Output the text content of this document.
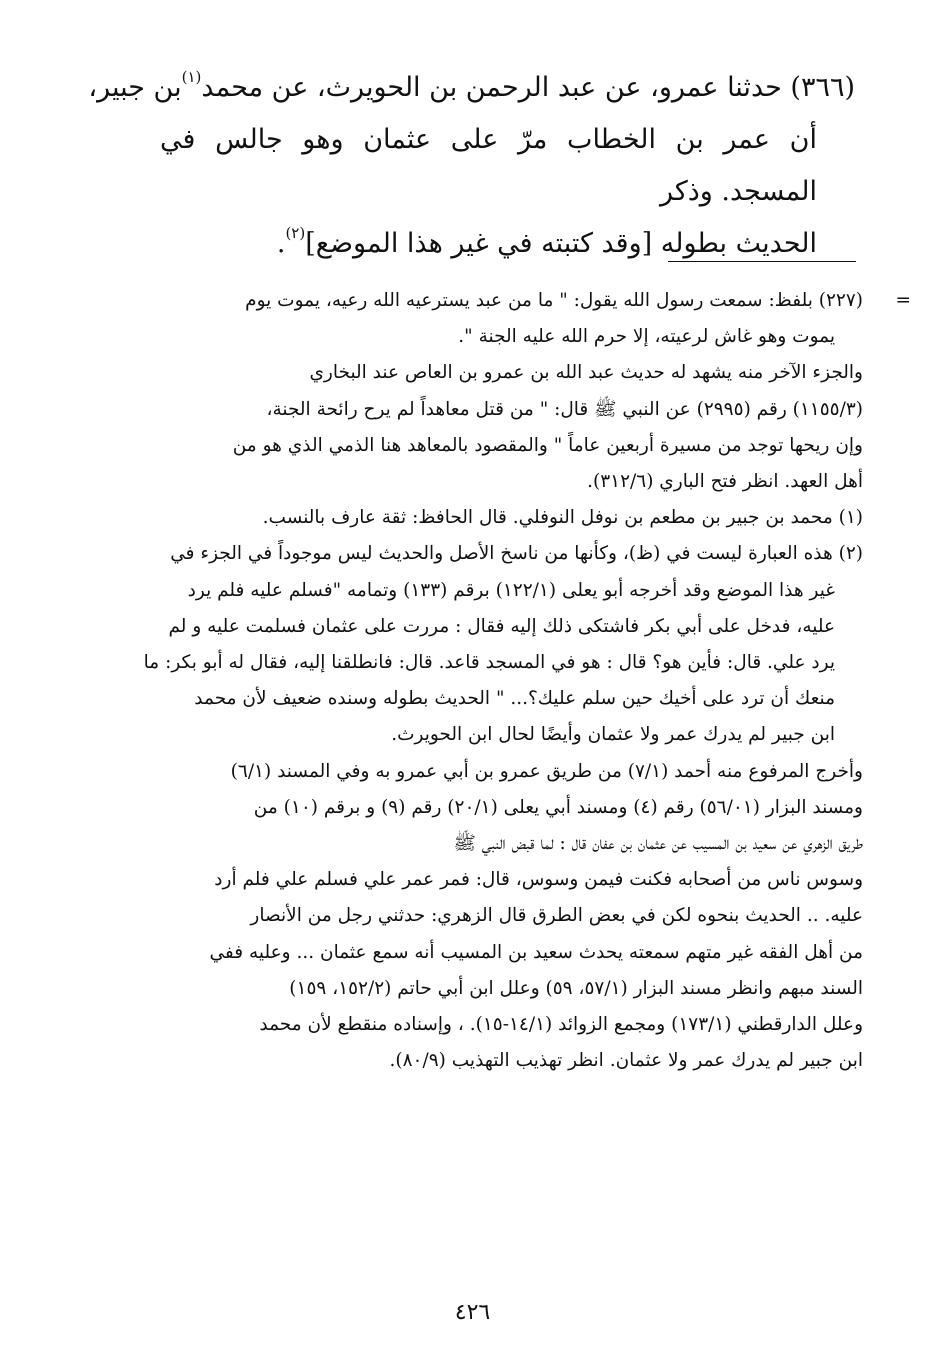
(٣٦٦) حدثنا عمرو، عن عبد الرحمن بن الحويرث، عن محمد$^{(١)}$بن جبير،

أن عمر بن الخطاب مرّ على عثمان وهو جالس في المسجد. وذكر

الحديث بطوله [وقد كتبته في غير هذا الموضع]$^{(٢)}$.

=
(٢٢٧) بلفظ: سمعت رسول الله يقول: " ما من عبد يسترعيه الله رعيه، يموت يوم
يموت وهو غاش لرعيته، إلا حرم الله عليه الجنة ".
والجزء الآخر منه يشهد له حديث عبد الله بن عمرو بن العاص عند البخاري
(١١٥٥/٣) رقم (٢٩٩٥) عن النبي ﷺ قال: " من قتل معاهداً لم يرح رائحة الجنة،
وإن ريحها توجد من مسيرة أربعين عاماً " والمقصود بالمعاهد هنا الذمي الذي هو من
أهل العهد. انظر فتح الباري (٣١٢/٦).
(١) محمد بن جبير بن مطعم بن نوفل النوفلي. قال الحافظ: ثقة عارف بالنسب.
(٢) هذه العبارة ليست في (ظ)، وكأنها من ناسخ الأصل والحديث ليس موجوداً في الجزء في
غير هذا الموضع وقد أخرجه أبو يعلى (١٢٢/١) برقم (١٣٣) وتمامه "فسلم عليه فلم يرد
عليه، فدخل على أبي بكر فاشتكى ذلك إليه فقال : مررت على عثمان فسلمت عليه و لم
يرد علي. قال: فأين هو؟ قال : هو في المسجد قاعد. قال: فانطلقنا إليه، فقال له أبو بكر: ما
منعك أن ترد على أخيك حين سلم عليك؟... " الحديث بطوله وسنده ضعيف لأن محمد
ابن جبير لم يدرك عمر ولا عثمان وأيضًا لحال ابن الحويرث.
وأخرج المرفوع منه أحمد (٧/١) من طريق عمرو بن أبي عمرو به وفي المسند (٦/١)
ومسند البزار (٥٦/٠١) رقم (٤) ومسند أبي يعلى (٢٠/١) رقم (٩) و برقم (١٠) من
طريق الزهري عن سعيد بن المسيب عن عثمان بن عفان قال : لما قبض النبي ﷺ
وسوس ناس من أصحابه فكنت فيمن وسوس، قال: فمر عمر علي فسلم علي فلم أرد
عليه. .. الحديث بنحوه لكن في بعض الطرق قال الزهري: حدثني رجل من الأنصار
من أهل الفقه غير متهم سمعته يحدث سعيد بن المسيب أنه سمع عثمان ... وعليه ففي
السند مبهم وانظر مسند البزار (٥٧/١، ٥٩) وعلل ابن أبي حاتم (١٥٢/٢، ١٥٩)
وعلل الدارقطني (١٧٣/١) ومجمع الزوائد (١٤/١-١٥). ، وإسناده منقطع لأن محمد
ابن جبير لم يدرك عمر ولا عثمان. انظر تهذيب التهذيب (٨٠/٩).
٤٢٦
